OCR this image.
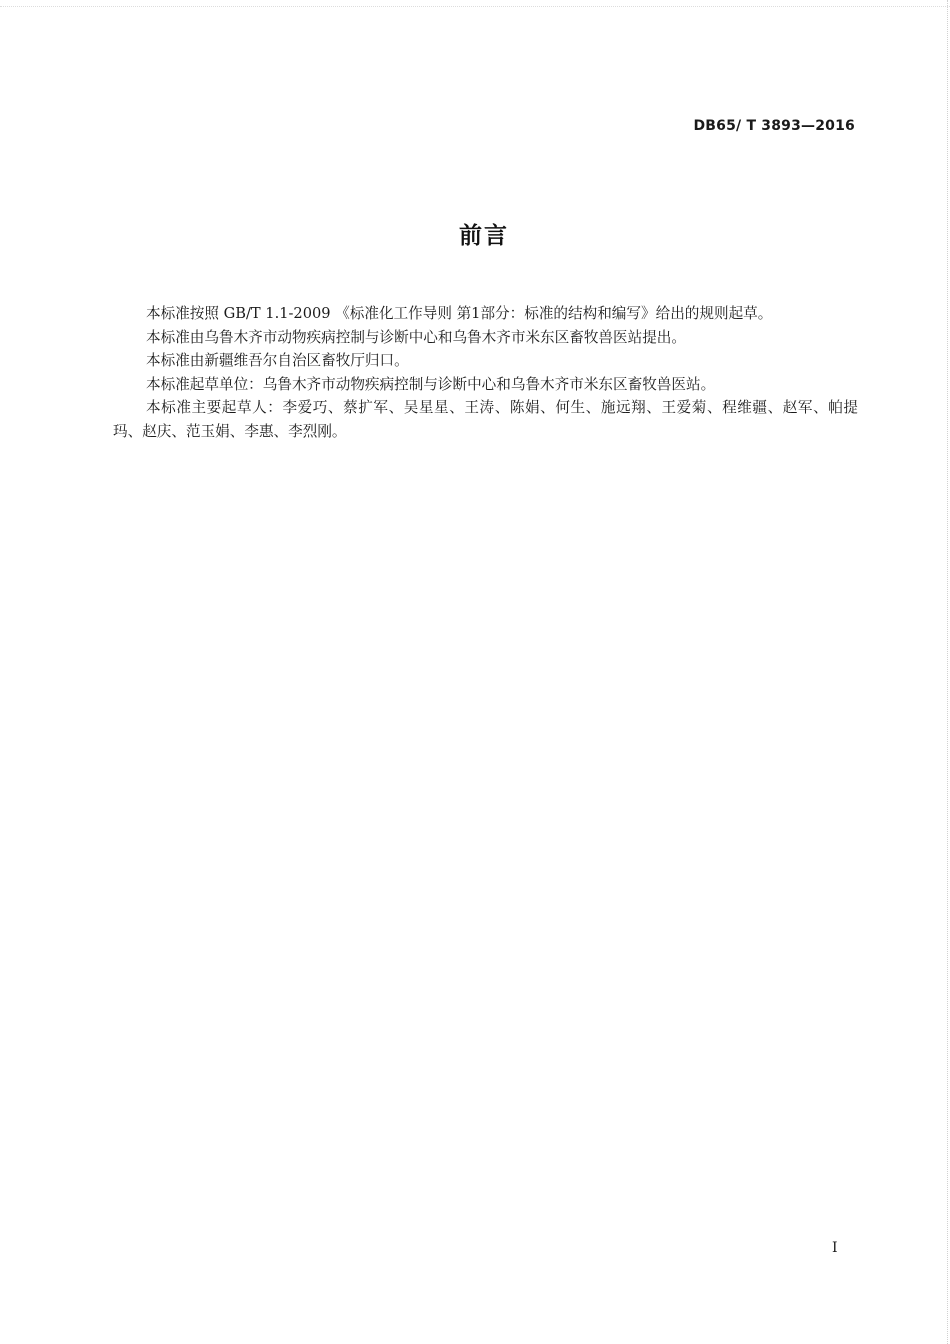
DB65/ T 3893—2016
前言

本标准按照 GB/T 1.1-2009 《标准化工作导则 第1部分：标准的结构和编写》给出的规则起草。

本标准由乌鲁木齐市动物疾病控制与诊断中心和乌鲁木齐市米东区畜牧兽医站提出。

本标准由新疆维吾尔自治区畜牧厅归口。

本标准起草单位：乌鲁木齐市动物疾病控制与诊断中心和乌鲁木齐市米东区畜牧兽医站。

本标准主要起草人：李爱巧、蔡扩军、吴星星、王涛、陈娟、何生、施远翔、王爱菊、程维疆、赵军、帕提玛、赵庆、范玉娟、李惠、李烈刚。

I
